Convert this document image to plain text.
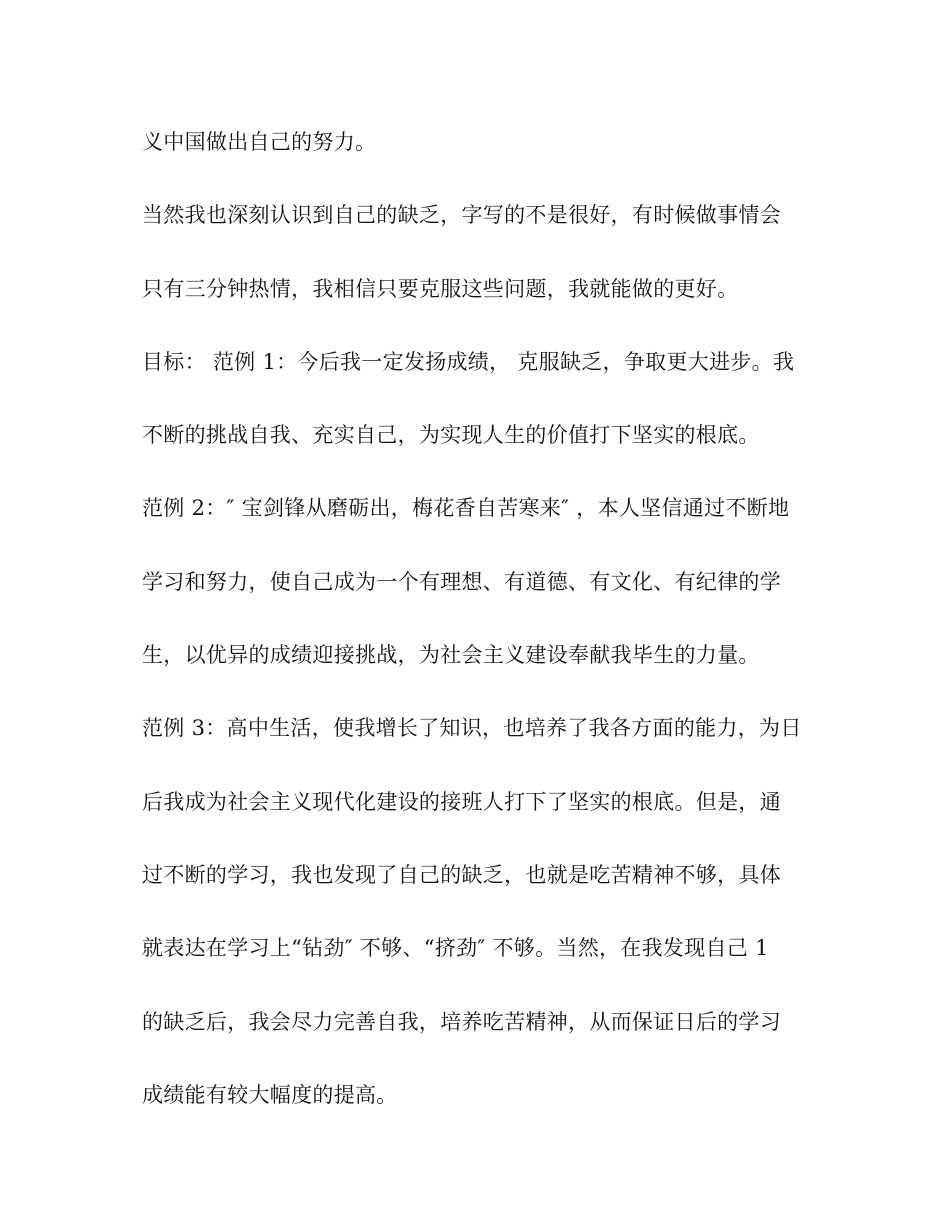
义中国做出自己的努力。
当然我也深刻认识到自己的缺乏，字写的不是很好，有时候做事情会
只有三分钟热情，我相信只要克服这些问题，我就能做的更好。
目标： 范例 1：今后我一定发扬成绩， 克服缺乏，争取更大进步。我
不断的挑战自我、充实自己，为实现人生的价值打下坚实的根底。
范例 2：″ 宝剑锋从磨砺出，梅花香自苦寒来″ ，本人坚信通过不断地
学习和努力，使自己成为一个有理想、有道德、有文化、有纪律的学
生，以优异的成绩迎接挑战，为社会主义建设奉献我毕生的力量。
范例 3：高中生活，使我增长了知识，也培养了我各方面的能力，为日
后我成为社会主义现代化建设的接班人打下了坚实的根底。但是，通
过不断的学习，我也发现了自己的缺乏，也就是吃苦精神不够，具体
就表达在学习上“钻劲″ 不够、“挤劲″ 不够。当然，在我发现自己 1
的缺乏后，我会尽力完善自我，培养吃苦精神，从而保证日后的学习
成绩能有较大幅度的提高。
